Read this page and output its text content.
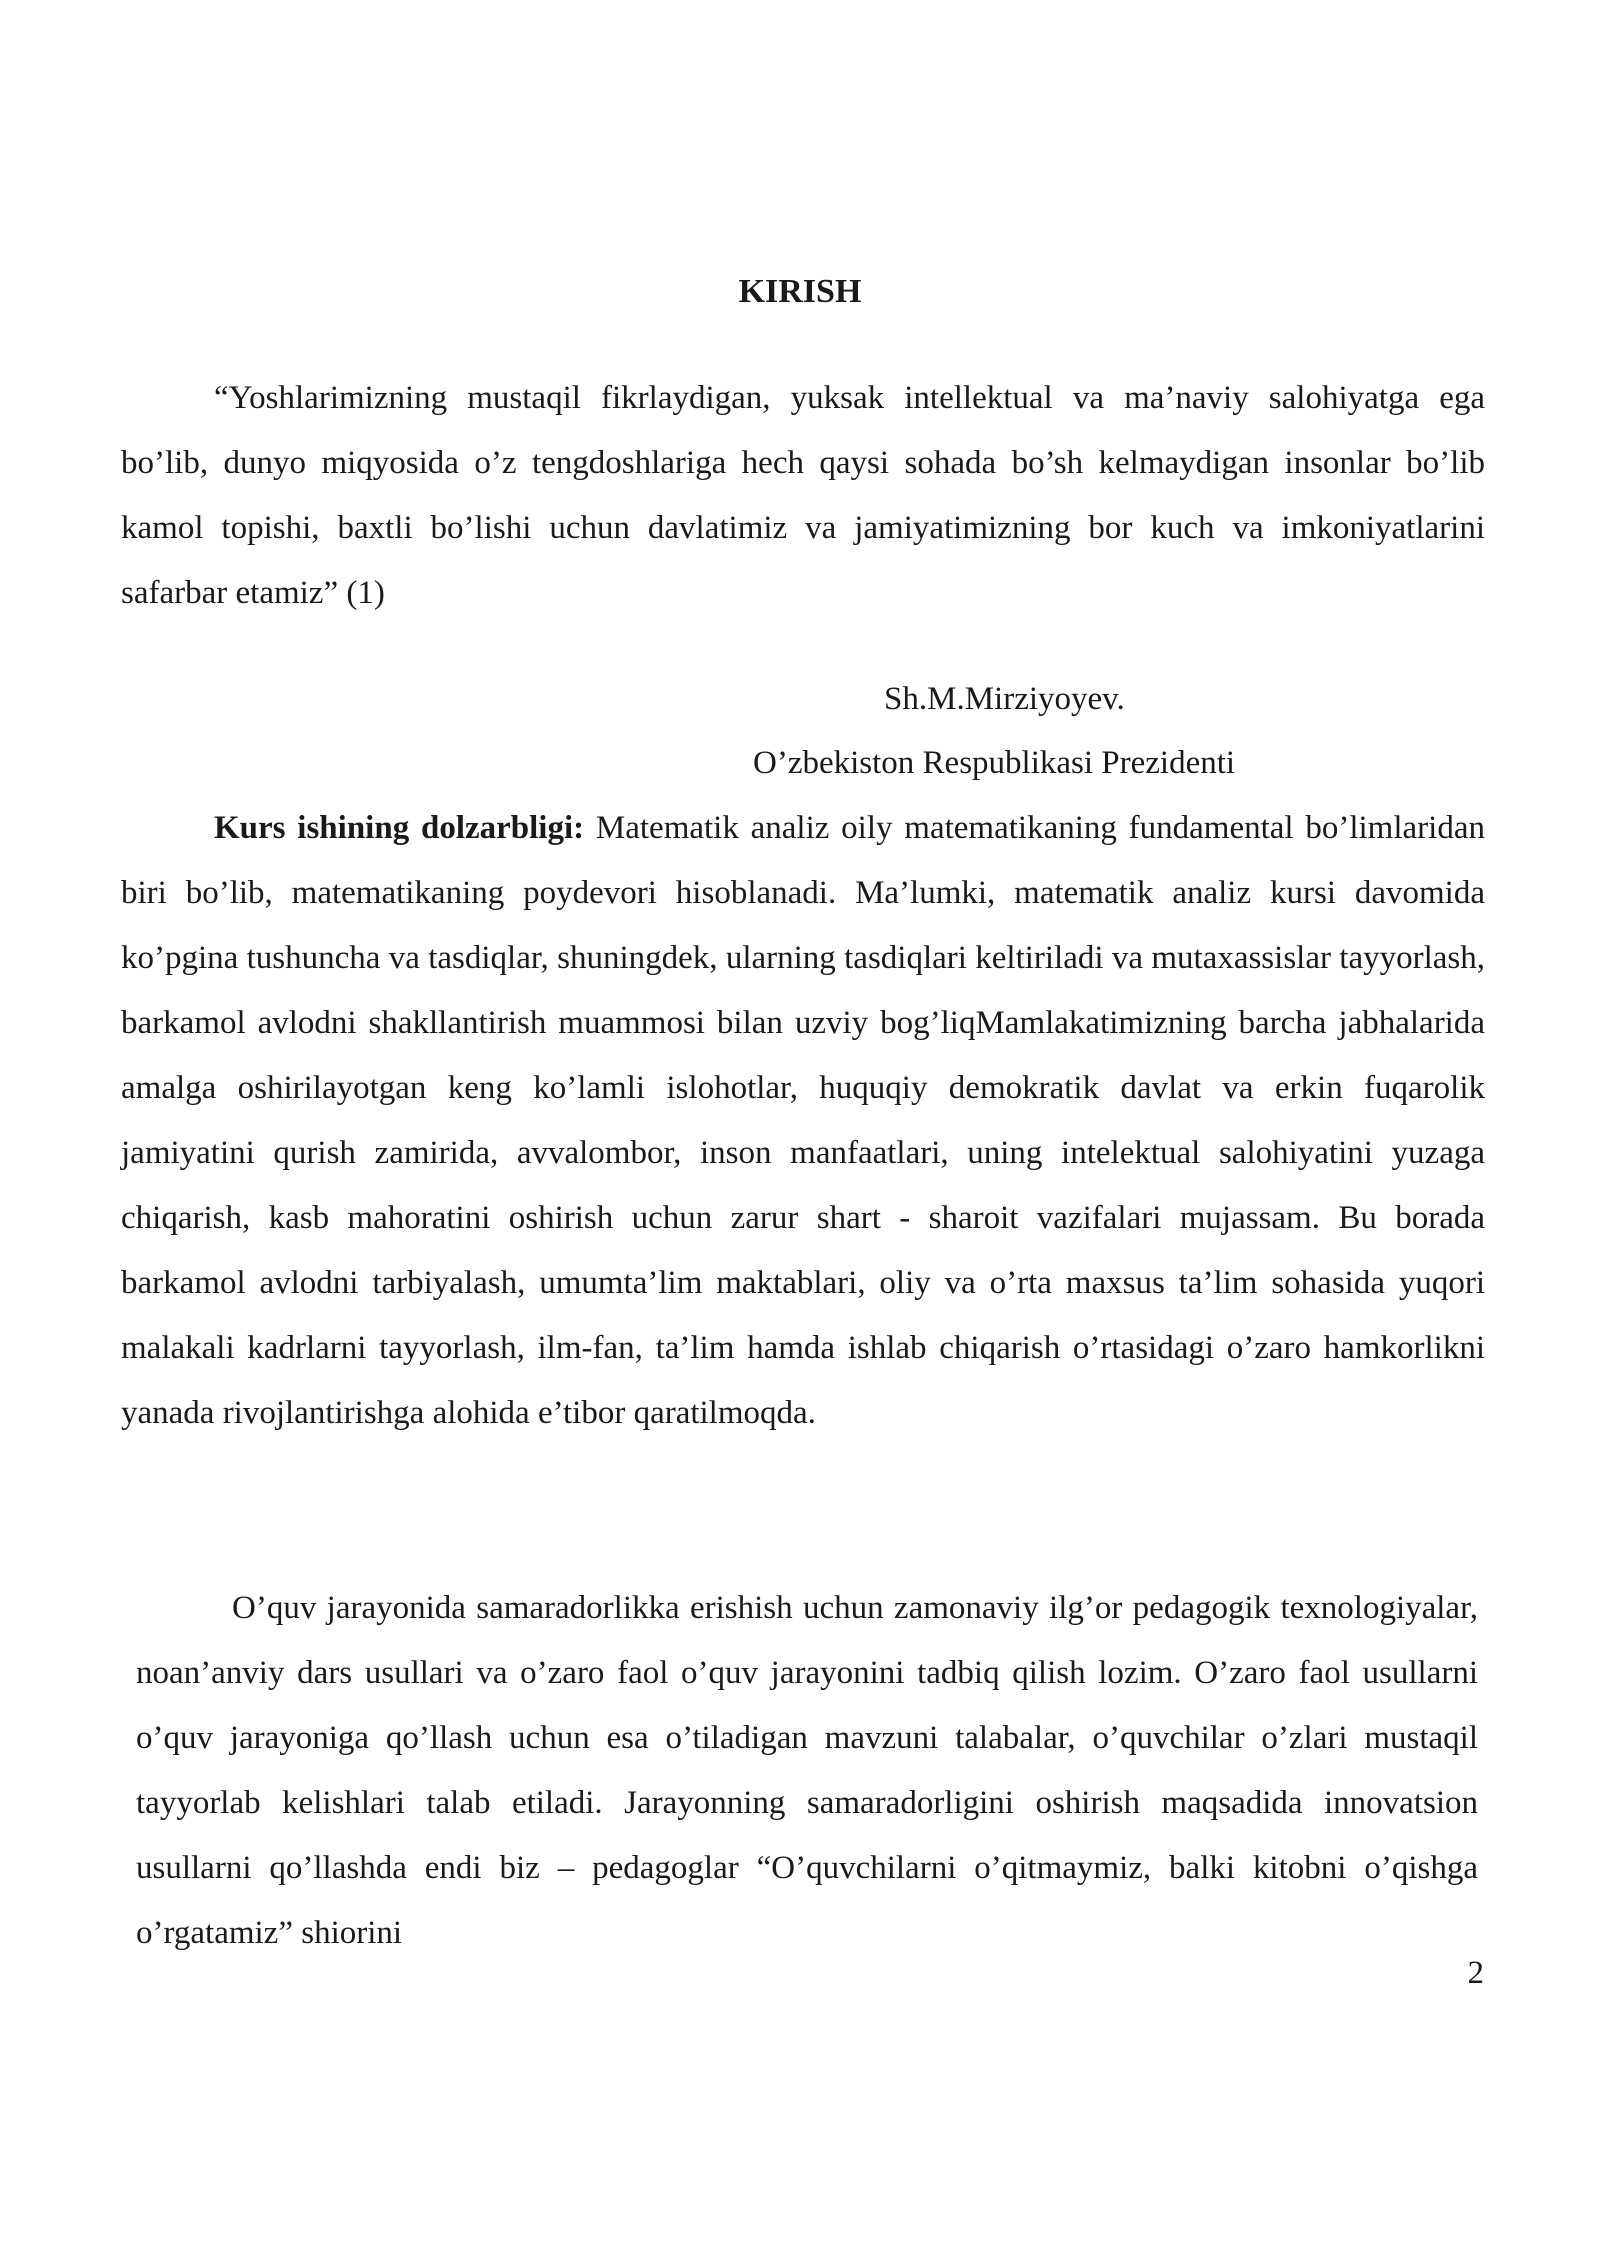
KIRISH

“Yoshlarimizning mustaqil fikrlaydigan, yuksak intellektual va ma’naviy salohiyatga ega bo’lib, dunyo miqyosida o’z tengdoshlariga hech qaysi sohada bo’sh kelmaydigan insonlar bo’lib kamol topishi, baxtli bo’lishi uchun davlatimiz va jamiyatimizning bor kuch va imkoniyatlarini safarbar etamiz” (1)

Sh.M.Mirziyoyev.

O’zbekiston Respublikasi Prezidenti

Kurs ishining dolzarbligi: Matematik analiz oily matematikaning fundamental bo’limlaridan biri bo’lib, matematikaning poydevori hisoblanadi. Ma’lumki, matematik analiz kursi davomida ko’pgina tushuncha va tasdiqlar, shuningdek, ularning tasdiqlari keltiriladi va mutaxassislar tayyorlash, barkamol avlodni shakllantirish muammosi bilan uzviy bog’liqMamlakatimizning barcha jabhalarida amalga oshirilayotgan keng ko’lamli islohotlar, huquqiy demokratik davlat va erkin fuqarolik jamiyatini qurish zamirida, avvalombor, inson manfaatlari, uning intelektual salohiyatini yuzaga chiqarish, kasb mahoratini oshirish uchun zarur shart - sharoit vazifalari mujassam. Bu borada barkamol avlodni tarbiyalash, umumta’lim maktablari, oliy va o’rta maxsus ta’lim sohasida yuqori malakali kadrlarni tayyorlash, ilm-fan, ta’lim hamda ishlab chiqarish o’rtasidagi o’zaro hamkorlikni yanada rivojlantirishga alohida e’tibor qaratilmoqda.

O’quv jarayonida samaradorlikka erishish uchun zamonaviy ilg’or pedagogik texnologiyalar, noan’anviy dars usullari va o’zaro faol o’quv jarayonini tadbiq qilish lozim. O’zaro faol usullarni o’quv jarayoniga qo’llash uchun esa o’tiladigan mavzuni talabalar, o’quvchilar o’zlari mustaqil tayyorlab kelishlari talab etiladi. Jarayonning samaradorligini oshirish maqsadida innovatsion usullarni qo’llashda endi biz – pedagoglar “O’quvchilarni o’qitmaymiz, balki kitobni o’qishga o’rgatamiz” shiorini

2
